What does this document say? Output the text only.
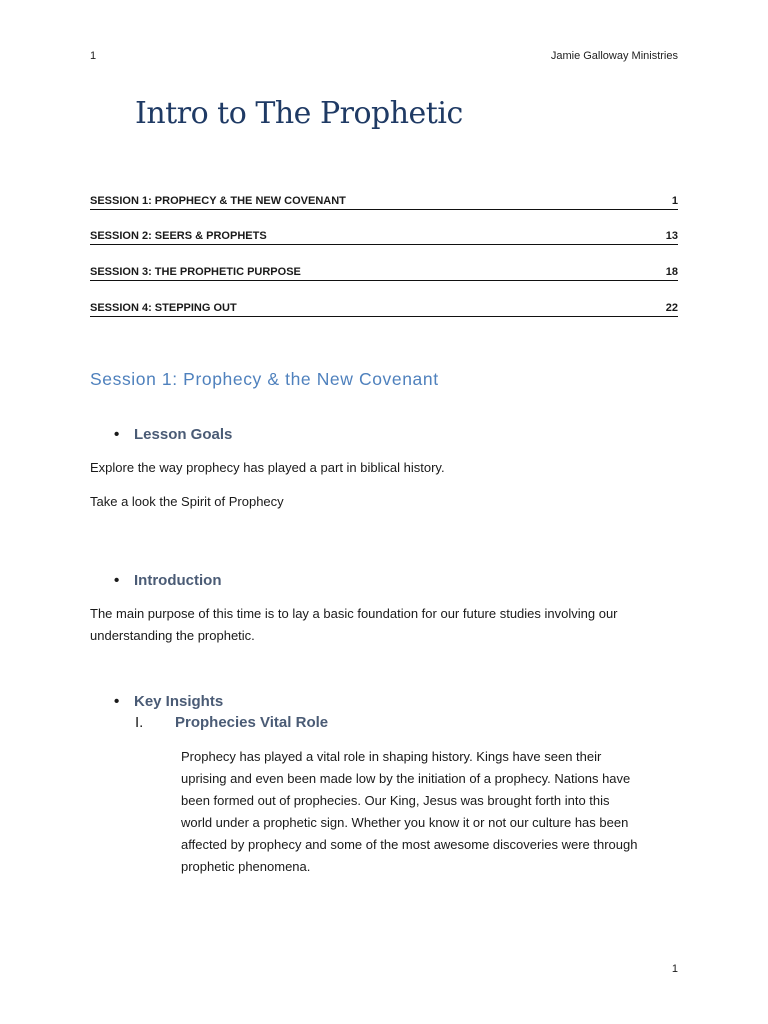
1	Jamie Galloway Ministries
Intro to The Prophetic
SESSION 1: PROPHECY & THE NEW COVENANT	1
SESSION 2: SEERS & PROPHETS	13
SESSION 3: THE PROPHETIC PURPOSE	18
SESSION 4: STEPPING OUT	22
Session 1: Prophecy & the New Covenant
• Lesson Goals

Explore the way prophecy has played a part in biblical history.

Take a look the Spirit of Prophecy

• Introduction

The main purpose of this time is to lay a basic foundation for our future studies involving our

understanding the prophetic.

• Key Insights
I.	Prophecies Vital Role
Prophecy has played a vital role in shaping history. Kings have seen their
uprising and even been made low by the initiation of a prophecy. Nations have
been formed out of prophecies. Our King, Jesus was brought forth into this
world under a prophetic sign. Whether you know it or not our culture has been
affected by prophecy and some of the most awesome discoveries were through
prophetic phenomena.
1
